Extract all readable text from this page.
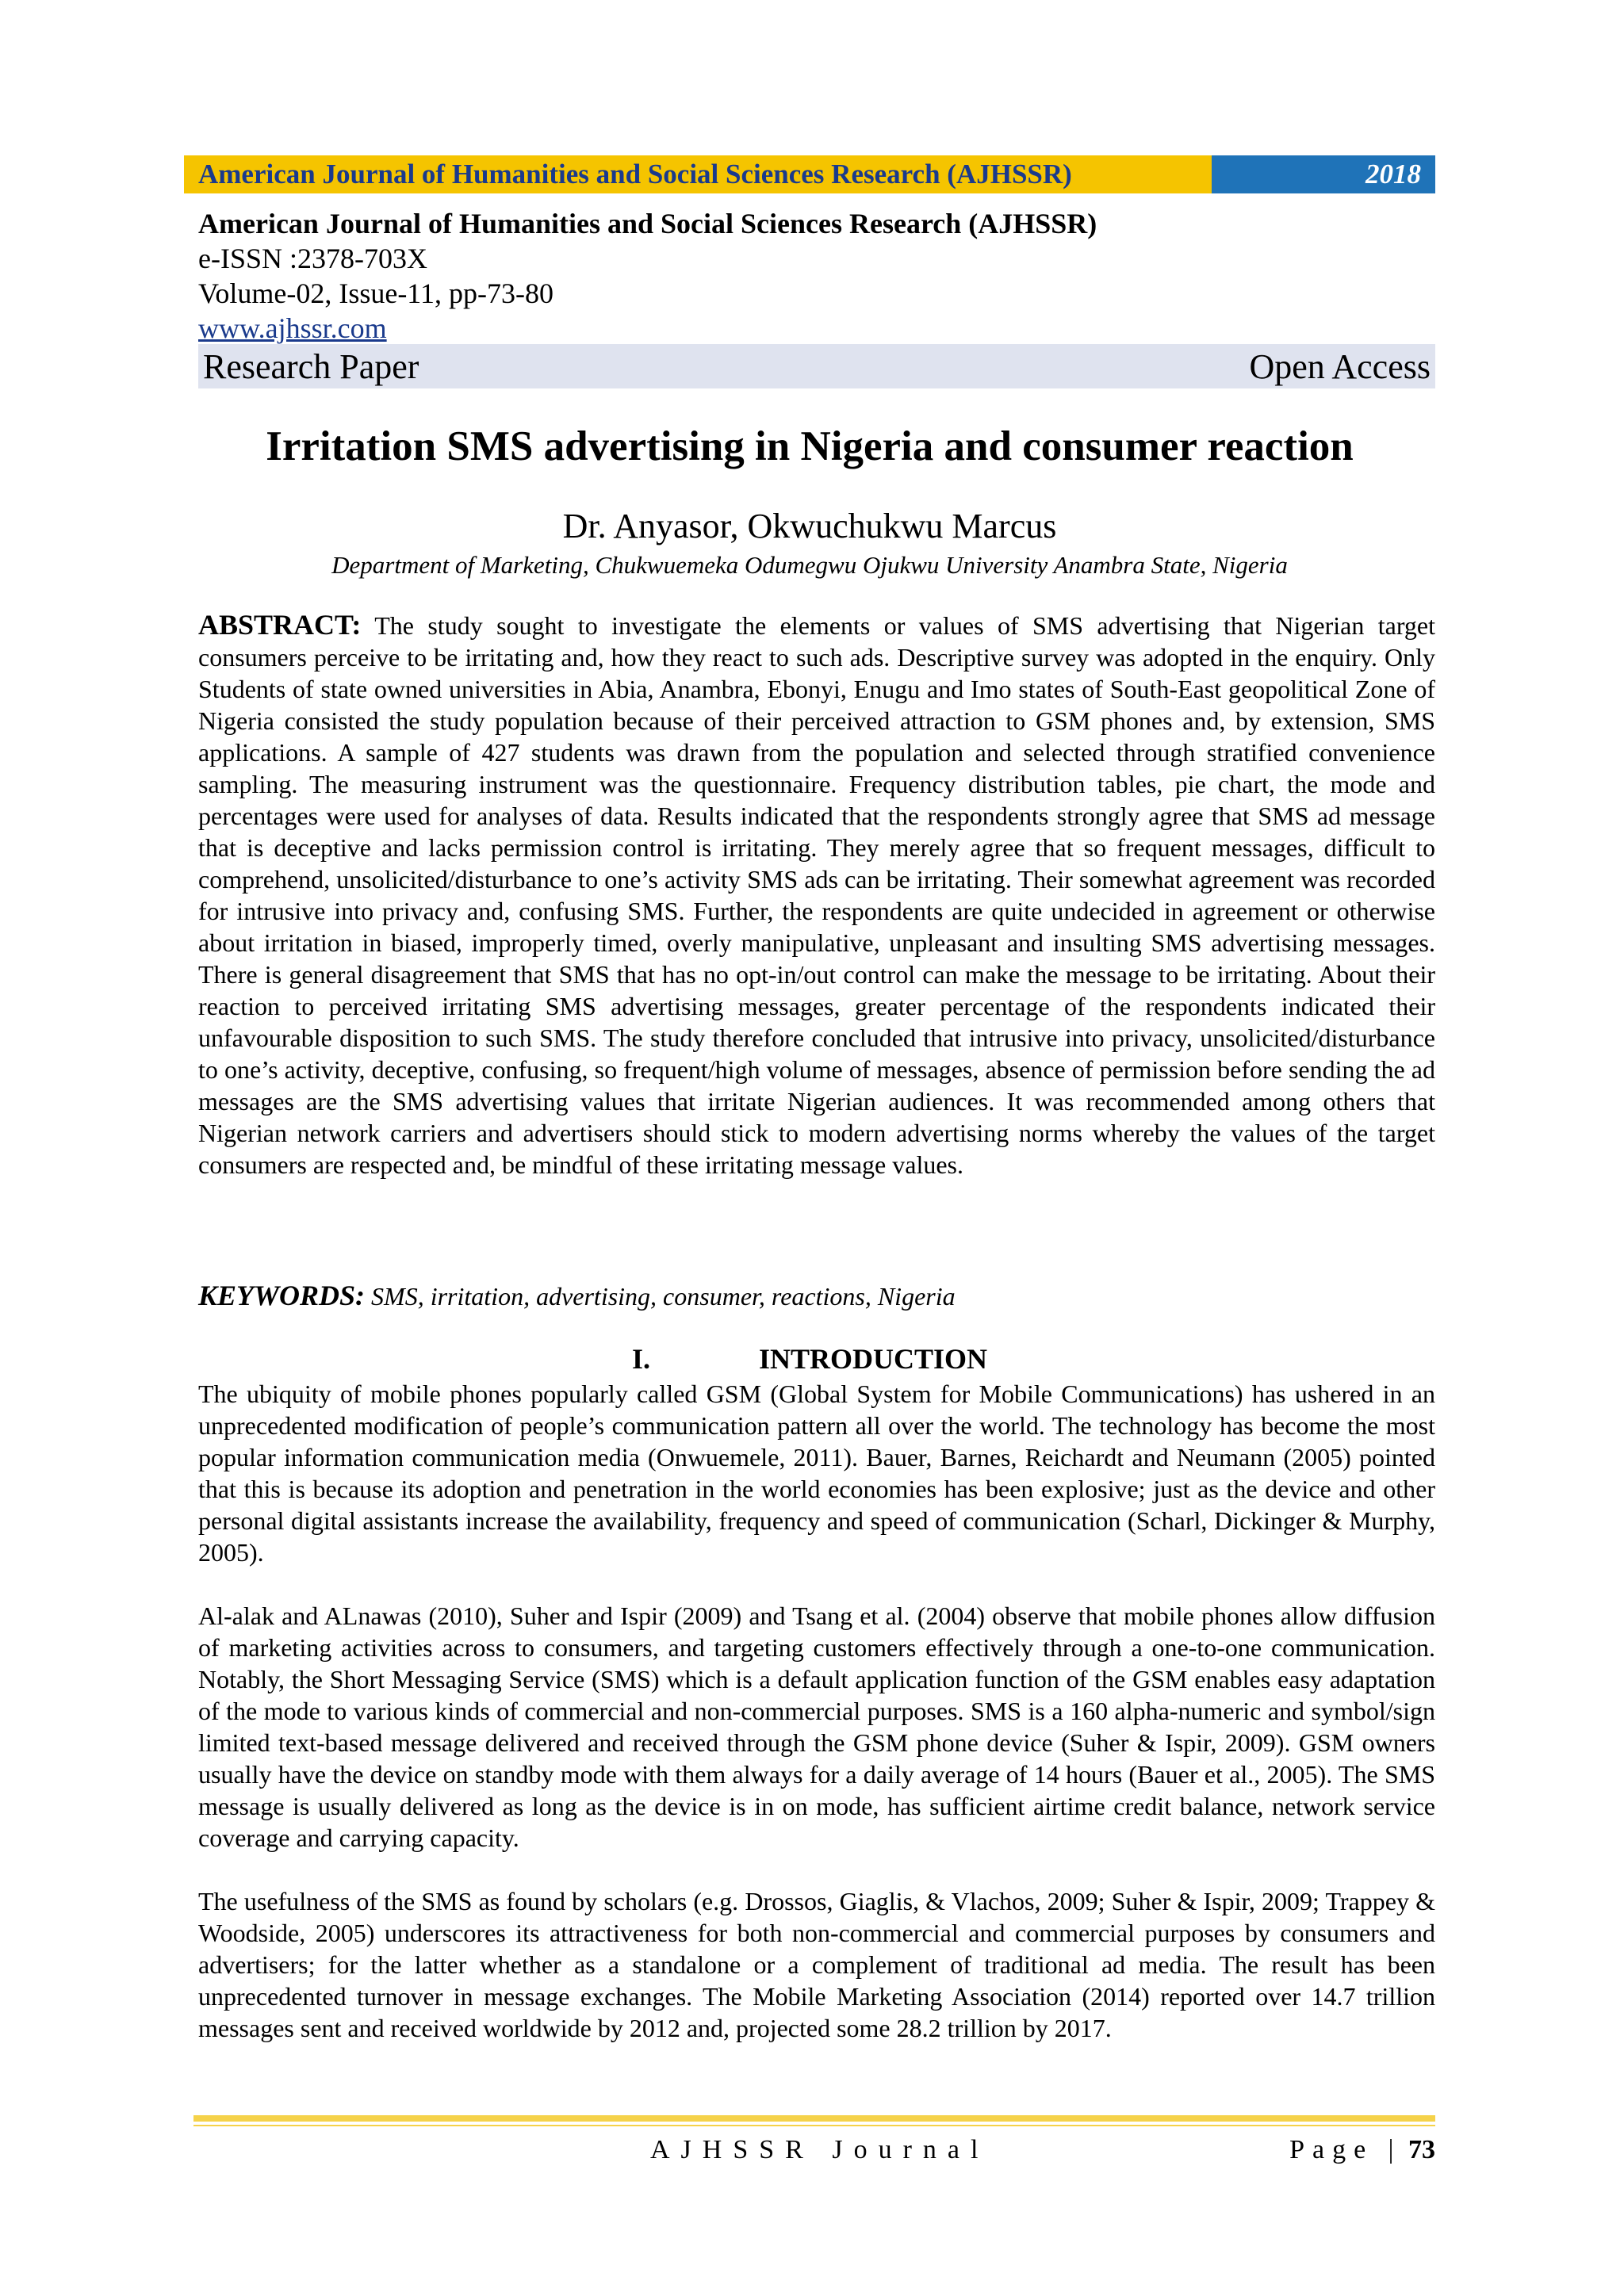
American Journal of Humanities and Social Sciences Research (AJHSSR)	2018
American Journal of Humanities and Social Sciences Research (AJHSSR)
e-ISSN :2378-703X
Volume-02, Issue-11, pp-73-80
www.ajhssr.com
Research Paper	Open Access
Irritation SMS advertising in Nigeria and consumer reaction
Dr. Anyasor, Okwuchukwu Marcus
Department of Marketing, Chukwuemeka Odumegwu Ojukwu University Anambra State, Nigeria
ABSTRACT: The study sought to investigate the elements or values of SMS advertising that Nigerian target consumers perceive to be irritating and, how they react to such ads. Descriptive survey was adopted in the enquiry. Only Students of state owned universities in Abia, Anambra, Ebonyi, Enugu and Imo states of South-East geopolitical Zone of Nigeria consisted the study population because of their perceived attraction to GSM phones and, by extension, SMS applications. A sample of 427 students was drawn from the population and selected through stratified convenience sampling. The measuring instrument was the questionnaire. Frequency distribution tables, pie chart, the mode and percentages were used for analyses of data. Results indicated that the respondents strongly agree that SMS ad message that is deceptive and lacks permission control is irritating. They merely agree that so frequent messages, difficult to comprehend, unsolicited/disturbance to one’s activity SMS ads can be irritating. Their somewhat agreement was recorded for intrusive into privacy and, confusing SMS. Further, the respondents are quite undecided in agreement or otherwise about irritation in biased, improperly timed, overly manipulative, unpleasant and insulting SMS advertising messages. There is general disagreement that SMS that has no opt-in/out control can make the message to be irritating. About their reaction to perceived irritating SMS advertising messages, greater percentage of the respondents indicated their unfavourable disposition to such SMS. The study therefore concluded that intrusive into privacy, unsolicited/disturbance to one’s activity, deceptive, confusing, so frequent/high volume of messages, absence of permission before sending the ad messages are the SMS advertising values that irritate Nigerian audiences. It was recommended among others that Nigerian network carriers and advertisers should stick to modern advertising norms whereby the values of the target consumers are respected and, be mindful of these irritating message values.
KEYWORDS: SMS, irritation, advertising, consumer, reactions, Nigeria
I.	INTRODUCTION
The ubiquity of mobile phones popularly called GSM (Global System for Mobile Communications) has ushered in an unprecedented modification of people’s communication pattern all over the world. The technology has become the most popular information communication media (Onwuemele, 2011). Bauer, Barnes, Reichardt and Neumann (2005) pointed that this is because its adoption and penetration in the world economies has been explosive; just as the device and other personal digital assistants increase the availability, frequency and speed of communication (Scharl, Dickinger & Murphy, 2005).
Al-alak and ALnawas (2010), Suher and Ispir (2009) and Tsang et al. (2004) observe that mobile phones allow diffusion of marketing activities across to consumers, and targeting customers effectively through a one-to-one communication. Notably, the Short Messaging Service (SMS) which is a default application function of the GSM enables easy adaptation of the mode to various kinds of commercial and non-commercial purposes. SMS is a 160 alpha-numeric and symbol/sign limited text-based message delivered and received through the GSM phone device (Suher & Ispir, 2009). GSM owners usually have the device on standby mode with them always for a daily average of 14 hours (Bauer et al., 2005). The SMS message is usually delivered as long as the device is in on mode, has sufficient airtime credit balance, network service coverage and carrying capacity.
The usefulness of the SMS as found by scholars (e.g. Drossos, Giaglis, & Vlachos, 2009; Suher & Ispir, 2009; Trappey & Woodside, 2005) underscores its attractiveness for both non-commercial and commercial purposes by consumers and advertisers; for the latter whether as a standalone or a complement of traditional ad media. The result has been unprecedented turnover in message exchanges. The Mobile Marketing Association (2014) reported over 14.7 trillion messages sent and received worldwide by 2012 and, projected some 28.2 trillion by 2017.
AJHSSR Journal	Page | 73
